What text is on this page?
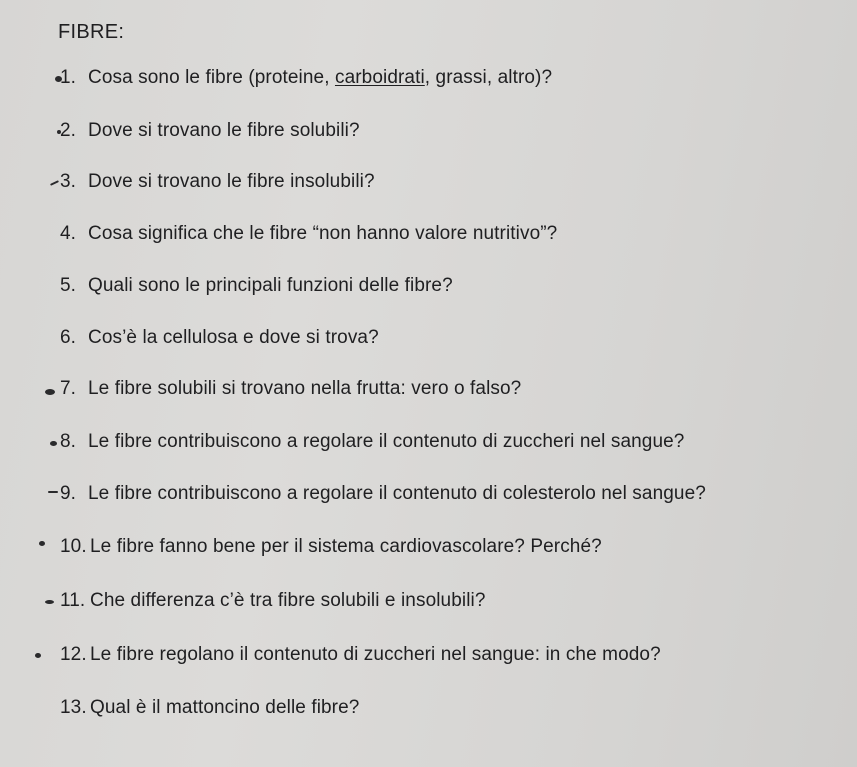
FIBRE:
1. Cosa sono le fibre (proteine, carboidrati, grassi, altro)?
2. Dove si trovano le fibre solubili?
3. Dove si trovano le fibre insolubili?
4. Cosa significa che le fibre “non hanno valore nutritivo”?
5. Quali sono le principali funzioni delle fibre?
6. Cos’è la cellulosa e dove si trova?
7. Le fibre solubili si trovano nella frutta: vero o falso?
8. Le fibre contribuiscono a regolare il contenuto di zuccheri nel sangue?
9. Le fibre contribuiscono a regolare il contenuto di colesterolo nel sangue?
10. Le fibre fanno bene per il sistema cardiovascolare? Perché?
11. Che differenza c’è tra fibre solubili e insolubili?
12. Le fibre regolano il contenuto di zuccheri nel sangue: in che modo?
13. Qual è il mattoncino delle fibre?
